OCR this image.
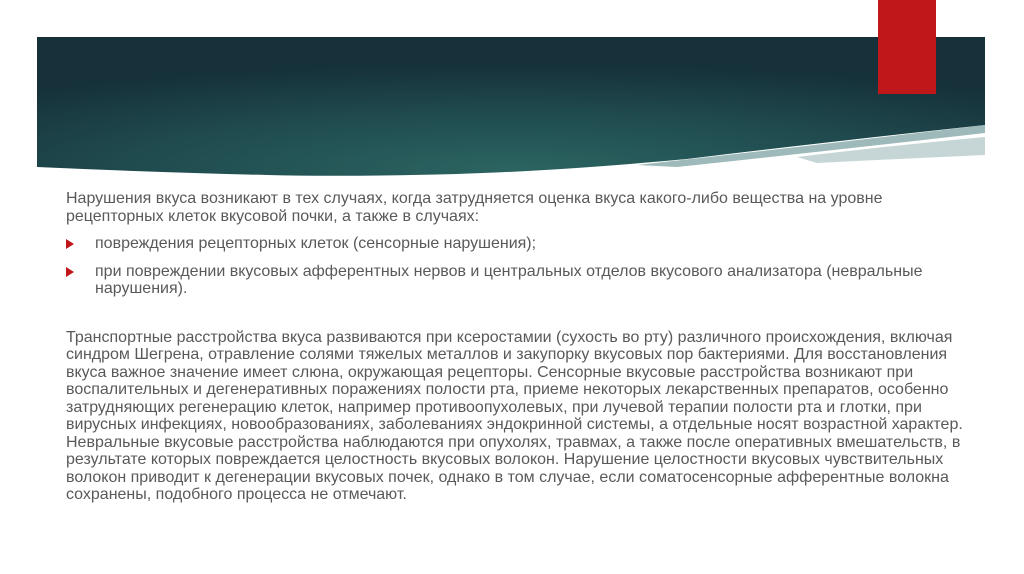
Нарушения вкуса возникают в тех случаях, когда затрудняется оценка вкуса какого-либо вещества на уровне рецепторных клеток вкусовой почки, а также в случаях:

повреждения рецепторных клеток (сенсорные нарушения);
при повреждении вкусовых афферентных нервов и центральных отделов вкусового анализатора (невральные нарушения).

Транспортные расстройства вкуса развиваются при ксеростамии (сухость во рту) различного происхождения, включая синдром Шегрена, отравление солями тяжелых металлов и закупорку вкусовых пор бактериями. Для восстановления вкуса важное значение имеет слюна, окружающая рецепторы. Сенсорные вкусовые расстройства возникают при воспалительных и дегенеративных поражениях полости рта, приеме некоторых лекарственных препаратов, особенно затрудняющих регенерацию клеток, например противоопухолевых, при лучевой терапии полости рта и глотки, при вирусных инфекциях, новообразованиях, заболеваниях эндокринной системы, а отдельные носят возрастной характер. Невральные вкусовые расстройства наблюдаются при опухолях, травмах, а также после оперативных вмешательств, в результате которых повреждается целостность вкусовых волокон. Нарушение целостности вкусовых чувствительных волокон приводит к дегенерации вкусовых почек, однако в том случае, если соматосенсорные афферентные волокна сохранены, подобного процесса не отмечают.
